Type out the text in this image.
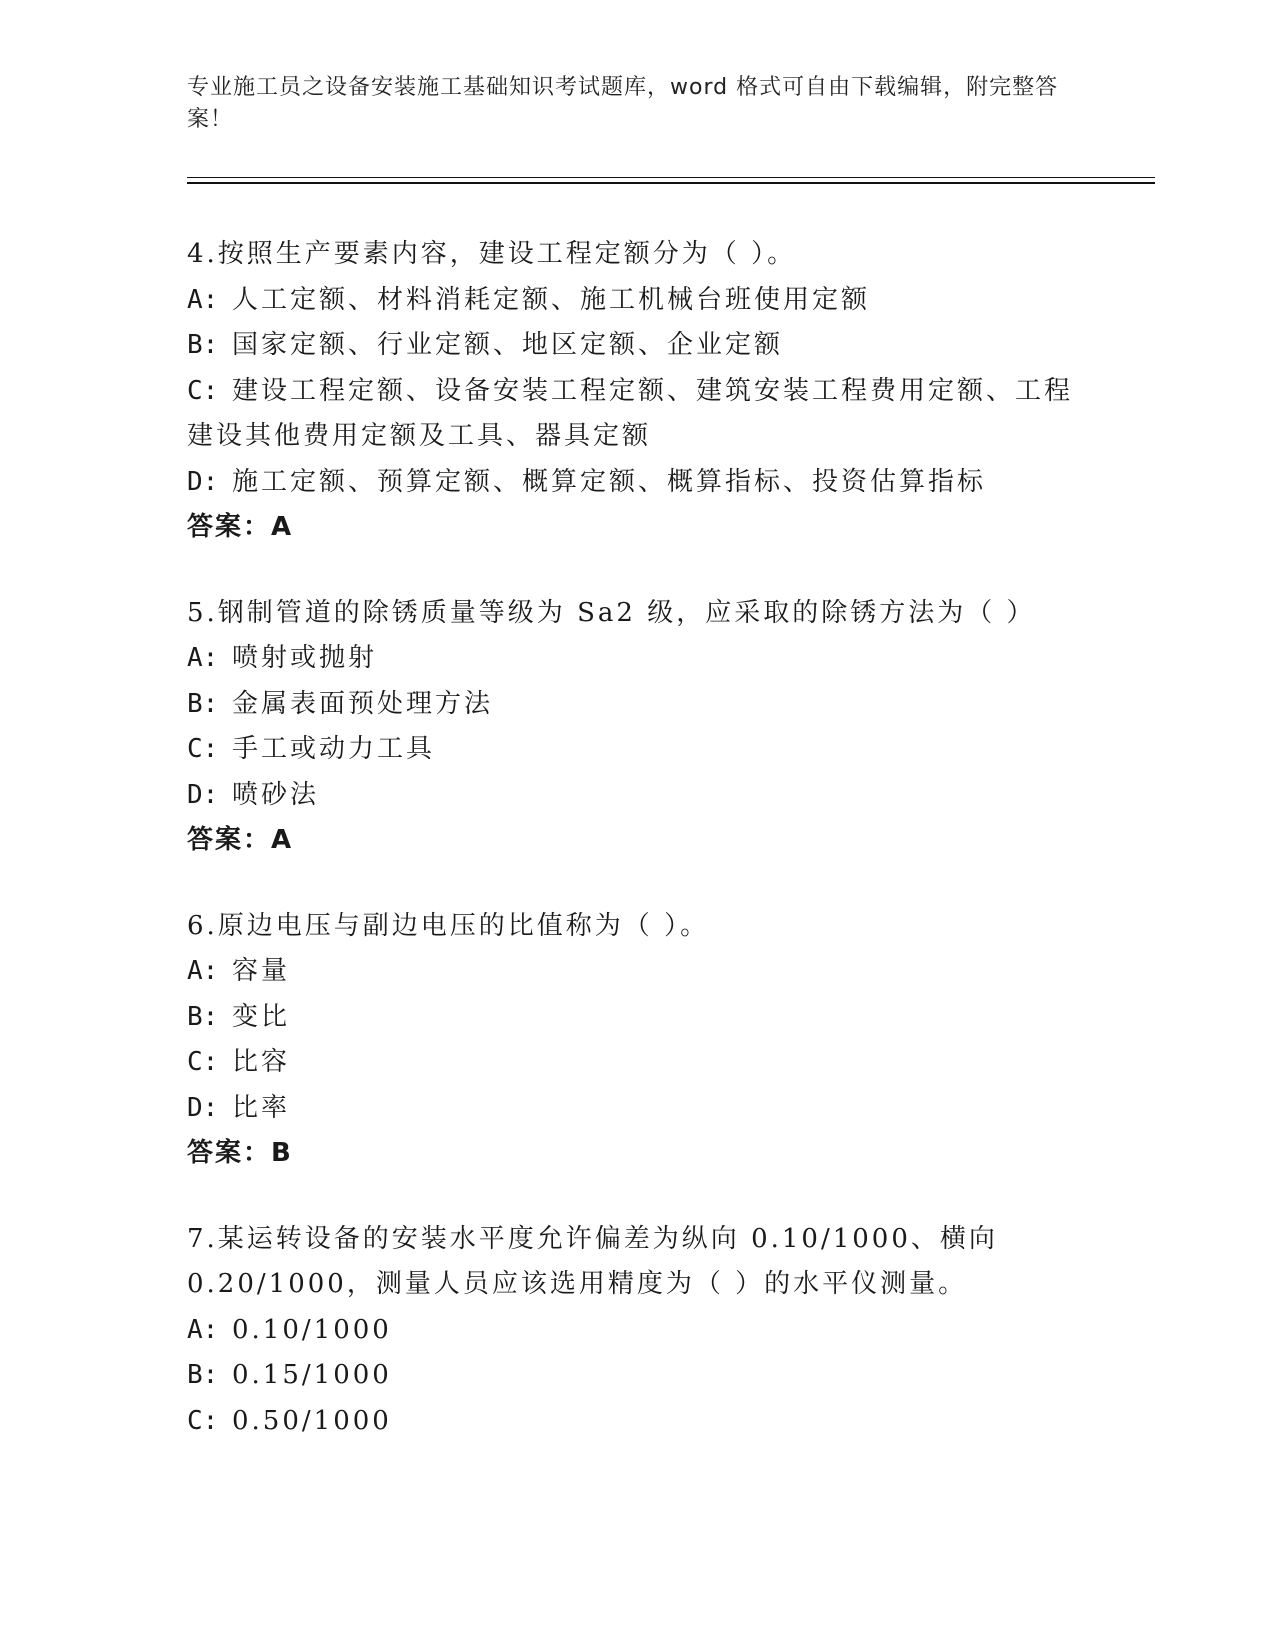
专业施工员之设备安装施工基础知识考试题库，word 格式可自由下载编辑，附完整答案！
4.按照生产要素内容，建设工程定额分为（ ）。
A: 人工定额、材料消耗定额、施工机械台班使用定额
B: 国家定额、行业定额、地区定额、企业定额
C: 建设工程定额、设备安装工程定额、建筑安装工程费用定额、工程
建设其他费用定额及工具、器具定额
D: 施工定额、预算定额、概算定额、概算指标、投资估算指标
答案：A
5.钢制管道的除锈质量等级为 Sa2 级，应采取的除锈方法为（ ）
A: 喷射或抛射
B: 金属表面预处理方法
C: 手工或动力工具
D: 喷砂法
答案：A
6.原边电压与副边电压的比值称为（ ）。
A: 容量
B: 变比
C: 比容
D: 比率
答案：B
7.某运转设备的安装水平度允许偏差为纵向 0.10/1000、横向
0.20/1000，测量人员应该选用精度为（ ）的水平仪测量。
A: 0.10/1000
B: 0.15/1000
C: 0.50/1000
